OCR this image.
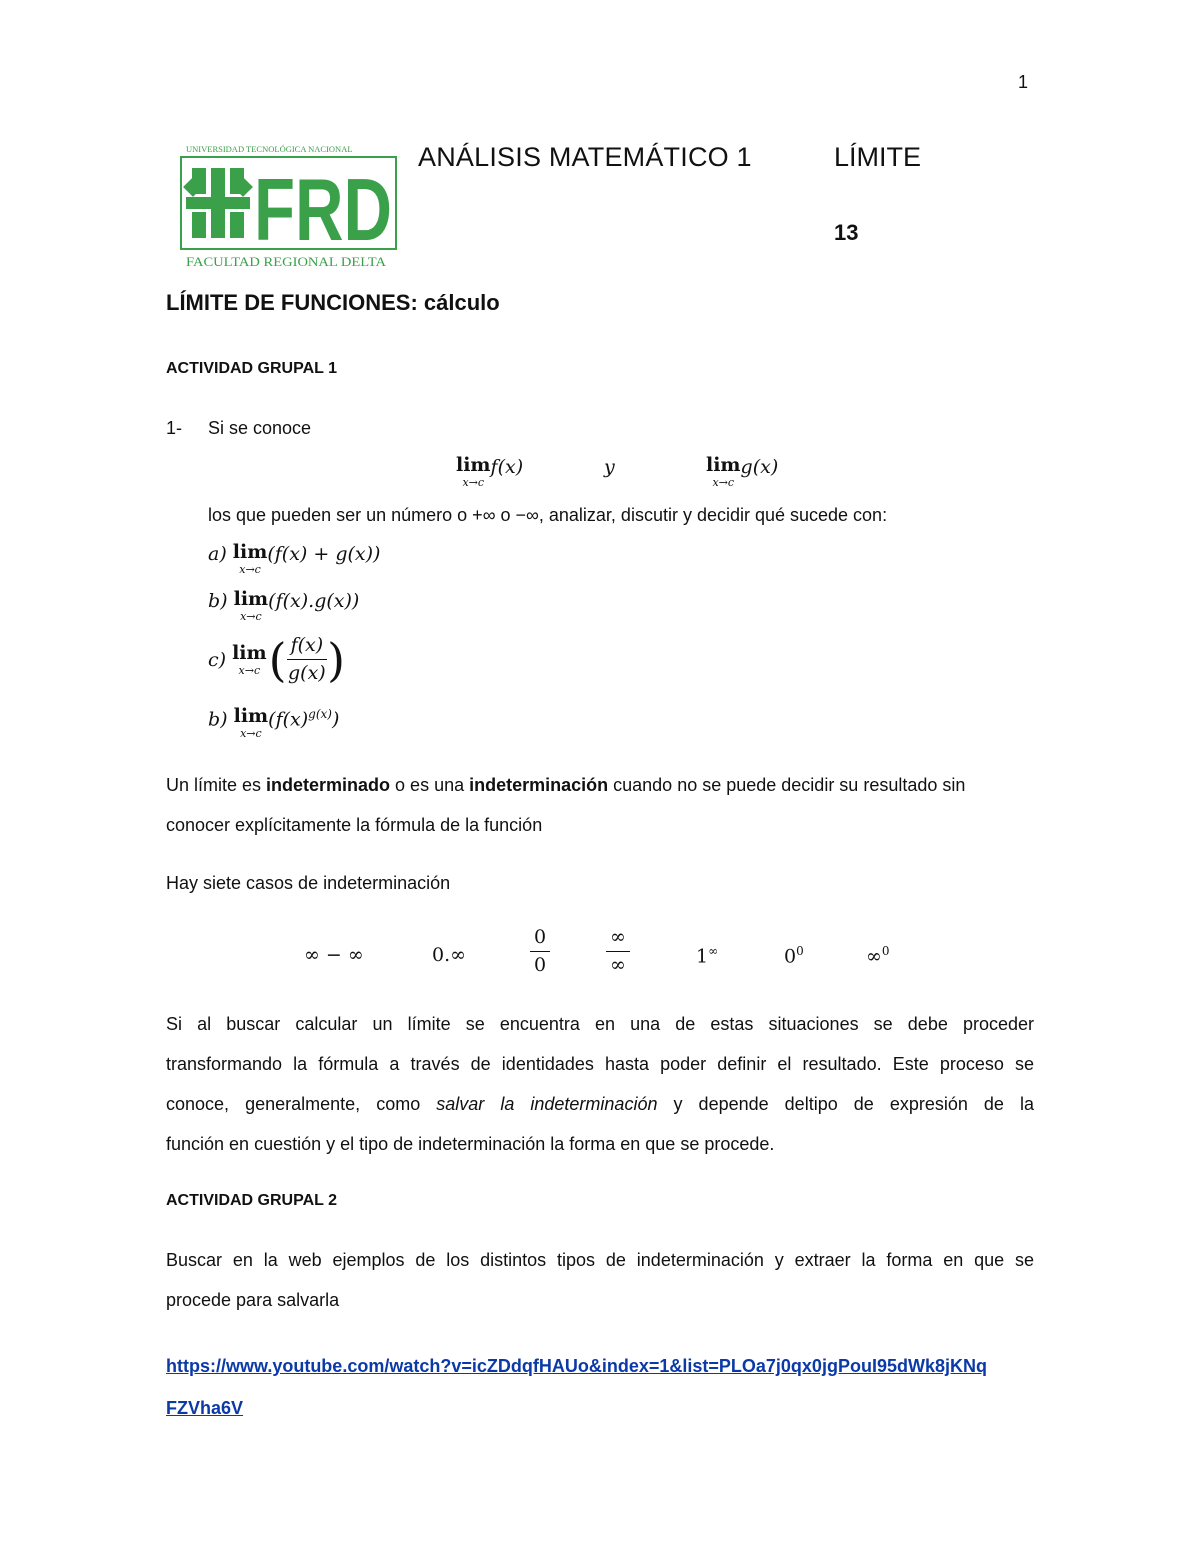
1
UNIVERSIDAD TECNOLÓGICA NACIONAL
FRD
FACULTAD REGIONAL DELTA
ANÁLISIS MATEMÁTICO 1	LÍMITE
13
LÍMITE DE FUNCIONES: cálculo
ACTIVIDAD GRUPAL 1
1- Si se conoce
lim
x→c
f(x)	y	lim
x→c
g(x)
los que pueden ser un número o +∞ o −∞, analizar, discutir y decidir qué sucede con:
a) lim
x→c
(f(x) + g(x))
b) lim
x→c
(f(x).g(x))
c) lim
x→c ( $\frac{f(x)}{g(x)}$ )
b) lim
x→c
$(f(x)^{g(x)})$
Un límite es indeterminado o es una indeterminación cuando no se puede decidir su resultado sin
conocer explícitamente la fórmula de la función
Hay siete casos de indeterminación
∞ − ∞	0.∞	$\frac{0}{0}$	$\frac{\infty}{\infty}$	1∞	$0^0$	∞$^0$
Si al buscar calcular un límite se encuentra en una de estas situaciones se debe proceder
transformando la fórmula a través de identidades hasta poder definir el resultado. Este proceso se
conoce, generalmente, como salvar la indeterminación y depende deltipo de expresión de la
función en cuestión y el tipo de indeterminación la forma en que se procede.
ACTIVIDAD GRUPAL 2
Buscar en la web ejemplos de los distintos tipos de indeterminación y extraer la forma en que se
procede para salvarla
https://www.youtube.com/watch?v=icZDdqfHAUo&index=1&list=PLOa7j0qx0jgPouI95dWk8jKNq
FZVha6V
